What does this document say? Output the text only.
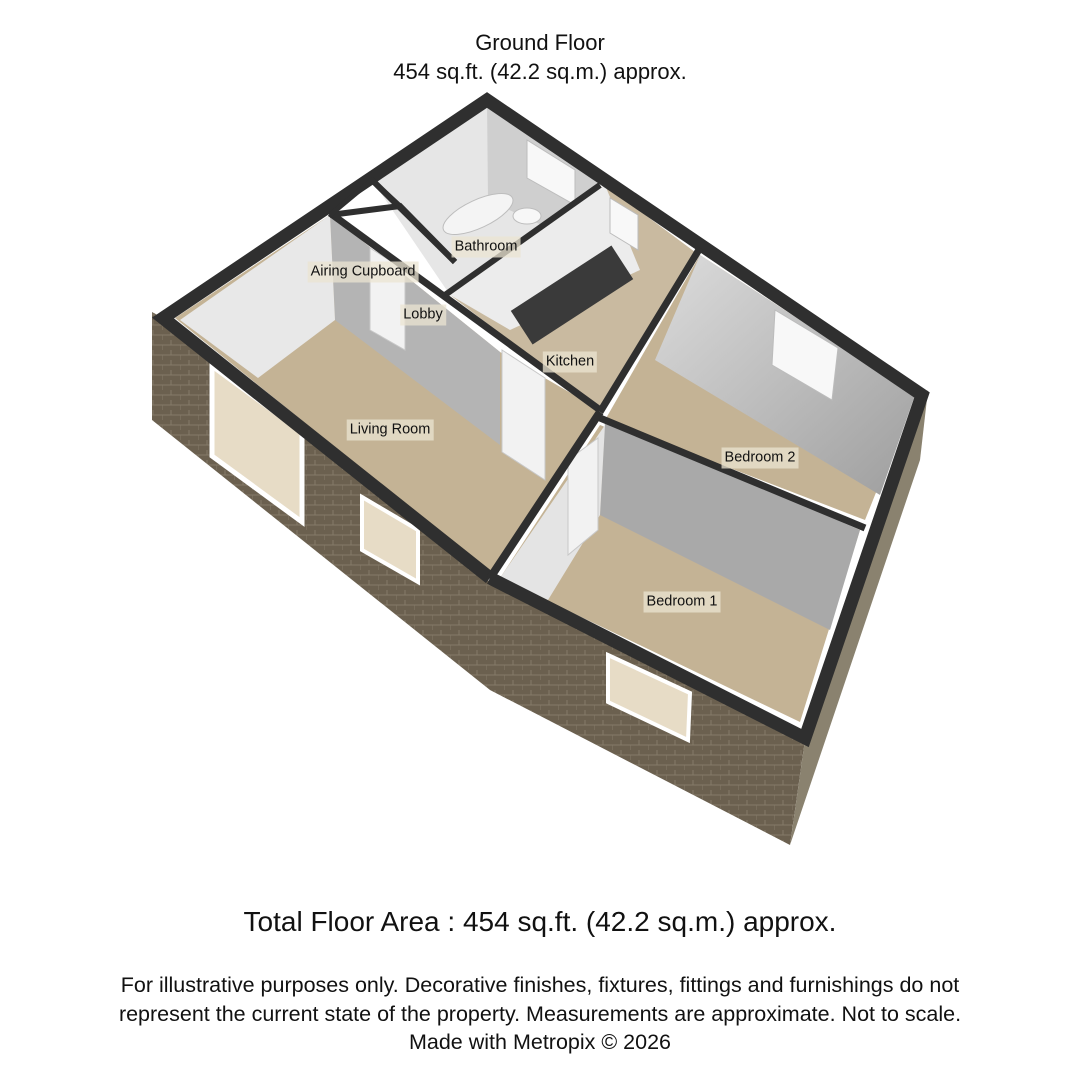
Ground Floor
454 sq.ft. (42.2 sq.m.) approx.
Bathroom
Airing Cupboard
Lobby
Kitchen
Living Room
Bedroom 2
Bedroom 1
Total Floor Area : 454 sq.ft. (42.2 sq.m.) approx.
For illustrative purposes only. Decorative finishes, fixtures, fittings and furnishings do not
represent the current state of the property. Measurements are approximate. Not to scale.
Made with Metropix © 2026
